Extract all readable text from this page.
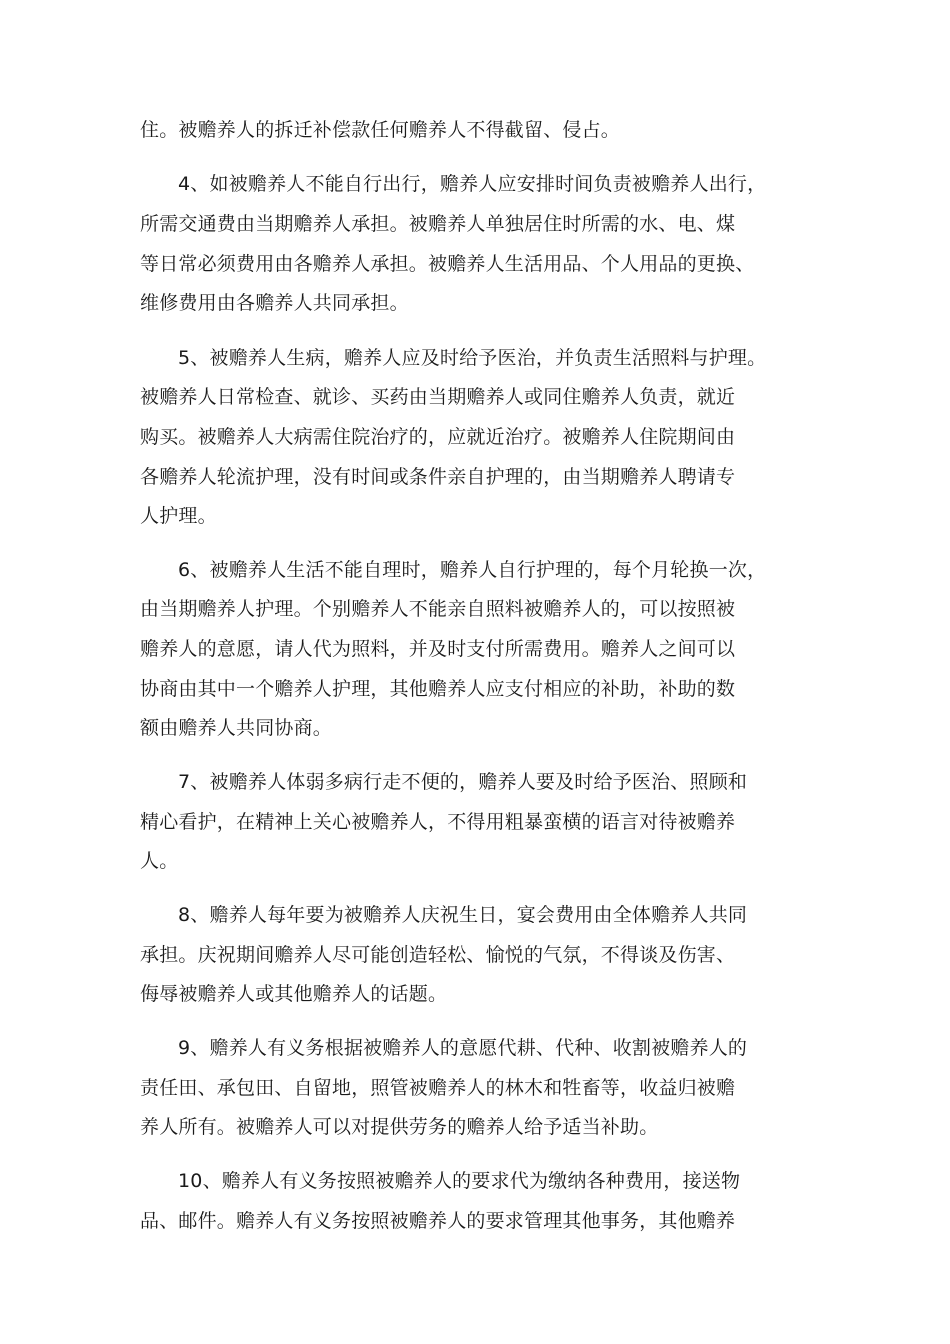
住。被赡养人的拆迁补偿款任何赡养人不得截留、侵占。

4、如被赡养人不能自行出行，赡养人应安排时间负责被赡养人出行，

所需交通费由当期赡养人承担。被赡养人单独居住时所需的水、电、煤

等日常必须费用由各赡养人承担。被赡养人生活用品、个人用品的更换、

维修费用由各赡养人共同承担。

5、被赡养人生病，赡养人应及时给予医治，并负责生活照料与护理。

被赡养人日常检查、就诊、买药由当期赡养人或同住赡养人负责，就近

购买。被赡养人大病需住院治疗的，应就近治疗。被赡养人住院期间由

各赡养人轮流护理，没有时间或条件亲自护理的，由当期赡养人聘请专

人护理。

6、被赡养人生活不能自理时，赡养人自行护理的，每个月轮换一次，

由当期赡养人护理。个别赡养人不能亲自照料被赡养人的，可以按照被

赡养人的意愿，请人代为照料，并及时支付所需费用。赡养人之间可以

协商由其中一个赡养人护理，其他赡养人应支付相应的补助，补助的数

额由赡养人共同协商。

7、被赡养人体弱多病行走不便的，赡养人要及时给予医治、照顾和

精心看护，在精神上关心被赡养人，不得用粗暴蛮横的语言对待被赡养

人。

8、赡养人每年要为被赡养人庆祝生日，宴会费用由全体赡养人共同

承担。庆祝期间赡养人尽可能创造轻松、愉悦的气氛，不得谈及伤害、

侮辱被赡养人或其他赡养人的话题。

9、赡养人有义务根据被赡养人的意愿代耕、代种、收割被赡养人的

责任田、承包田、自留地，照管被赡养人的林木和牲畜等，收益归被赡

养人所有。被赡养人可以对提供劳务的赡养人给予适当补助。

10、赡养人有义务按照被赡养人的要求代为缴纳各种费用，接送物

品、邮件。赡养人有义务按照被赡养人的要求管理其他事务，其他赡养
